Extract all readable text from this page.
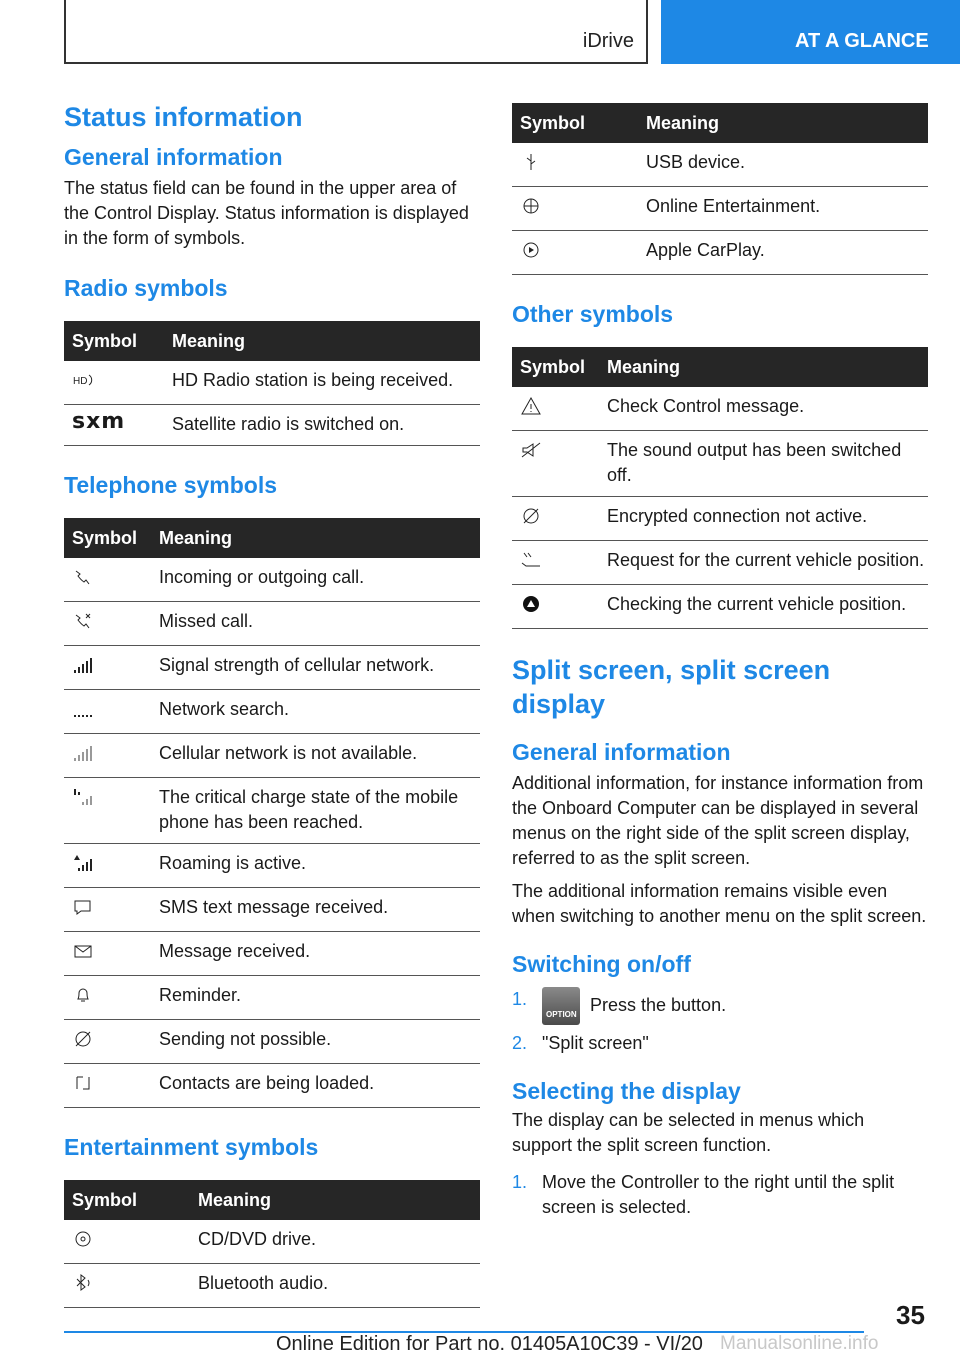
iDrive	AT A GLANCE
Status information
General information

The status field can be found in the upper area of the Control Display. Status information is displayed in the form of symbols.

Radio symbols
Symbol	Meaning

HD	HD Radio station is being received.
sxm	Satellite radio is switched on.
Telephone symbols
Symbol	Meaning
	Incoming or outgoing call.
	Missed call.
	Signal strength of cellular network.
	Network search.
	Cellular network is not available.
	The critical charge state of the mobile phone has been reached.
	Roaming is active.
	SMS text message received.
	Message received.
	Reminder.
	Sending not possible.
	Contacts are being loaded.
Entertainment symbols
Symbol	Meaning
	CD/DVD drive.
	Bluetooth audio.
Symbol	Meaning
	USB device.
	Online Entertainment.
	Apple CarPlay.
Other symbols
Symbol	Meaning
	Check Control message.
	The sound output has been switched off.
	Encrypted connection not active.
	Request for the current vehicle position.
	Checking the current vehicle position.
Split screen, split screen display
General information

Additional information, for instance information from the Onboard Computer can be displayed in several menus on the right side of the split screen display, referred to as the split screen.

The additional information remains visible even when switching to another menu on the split screen.

Switching on/off
1.
OPTION Press the button.
2. "Split screen"
Selecting the display

The display can be selected in menus which support the split screen function.

1. Move the Controller to the right until the split screen is selected.
35
Online Edition for Part no. 01405A10C39 - VI/20 Manualsonline.info
